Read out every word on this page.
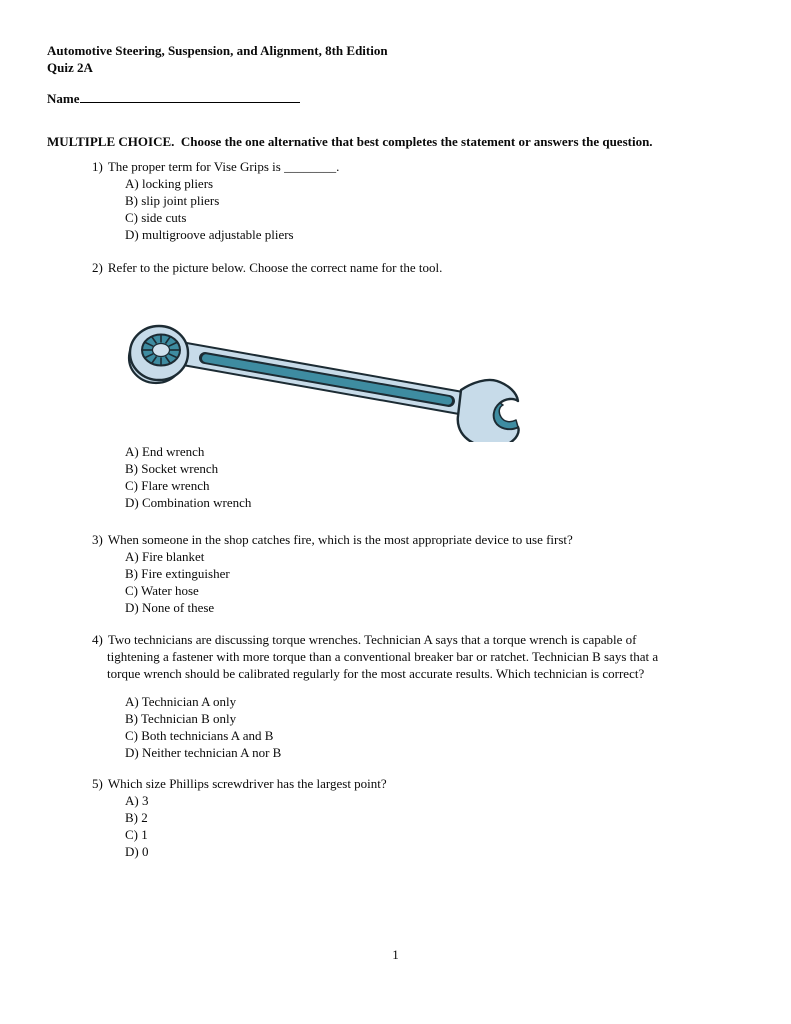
Automotive Steering, Suspension, and Alignment, 8th Edition
Quiz 2A
Name
MULTIPLE CHOICE.  Choose the one alternative that best completes the statement or answers the question.
1) The proper term for Vise Grips is ________.
A) locking pliers
B) slip joint pliers
C) side cuts
D) multigroove adjustable pliers
2) Refer to the picture below. Choose the correct name for the tool.
A) End wrench
B) Socket wrench
C) Flare wrench
D) Combination wrench
3) When someone in the shop catches fire, which is the most appropriate device to use first?
A) Fire blanket
B) Fire extinguisher
C) Water hose
D) None of these
4) Two technicians are discussing torque wrenches. Technician A says that a torque wrench is capable of
tightening a fastener with more torque than a conventional breaker bar or ratchet. Technician B says that a
torque wrench should be calibrated regularly for the most accurate results. Which technician is correct?
A) Technician A only
B) Technician B only
C) Both technicians A and B
D) Neither technician A nor B
5) Which size Phillips screwdriver has the largest point?
A) 3
B) 2
C) 1
D) 0
1
